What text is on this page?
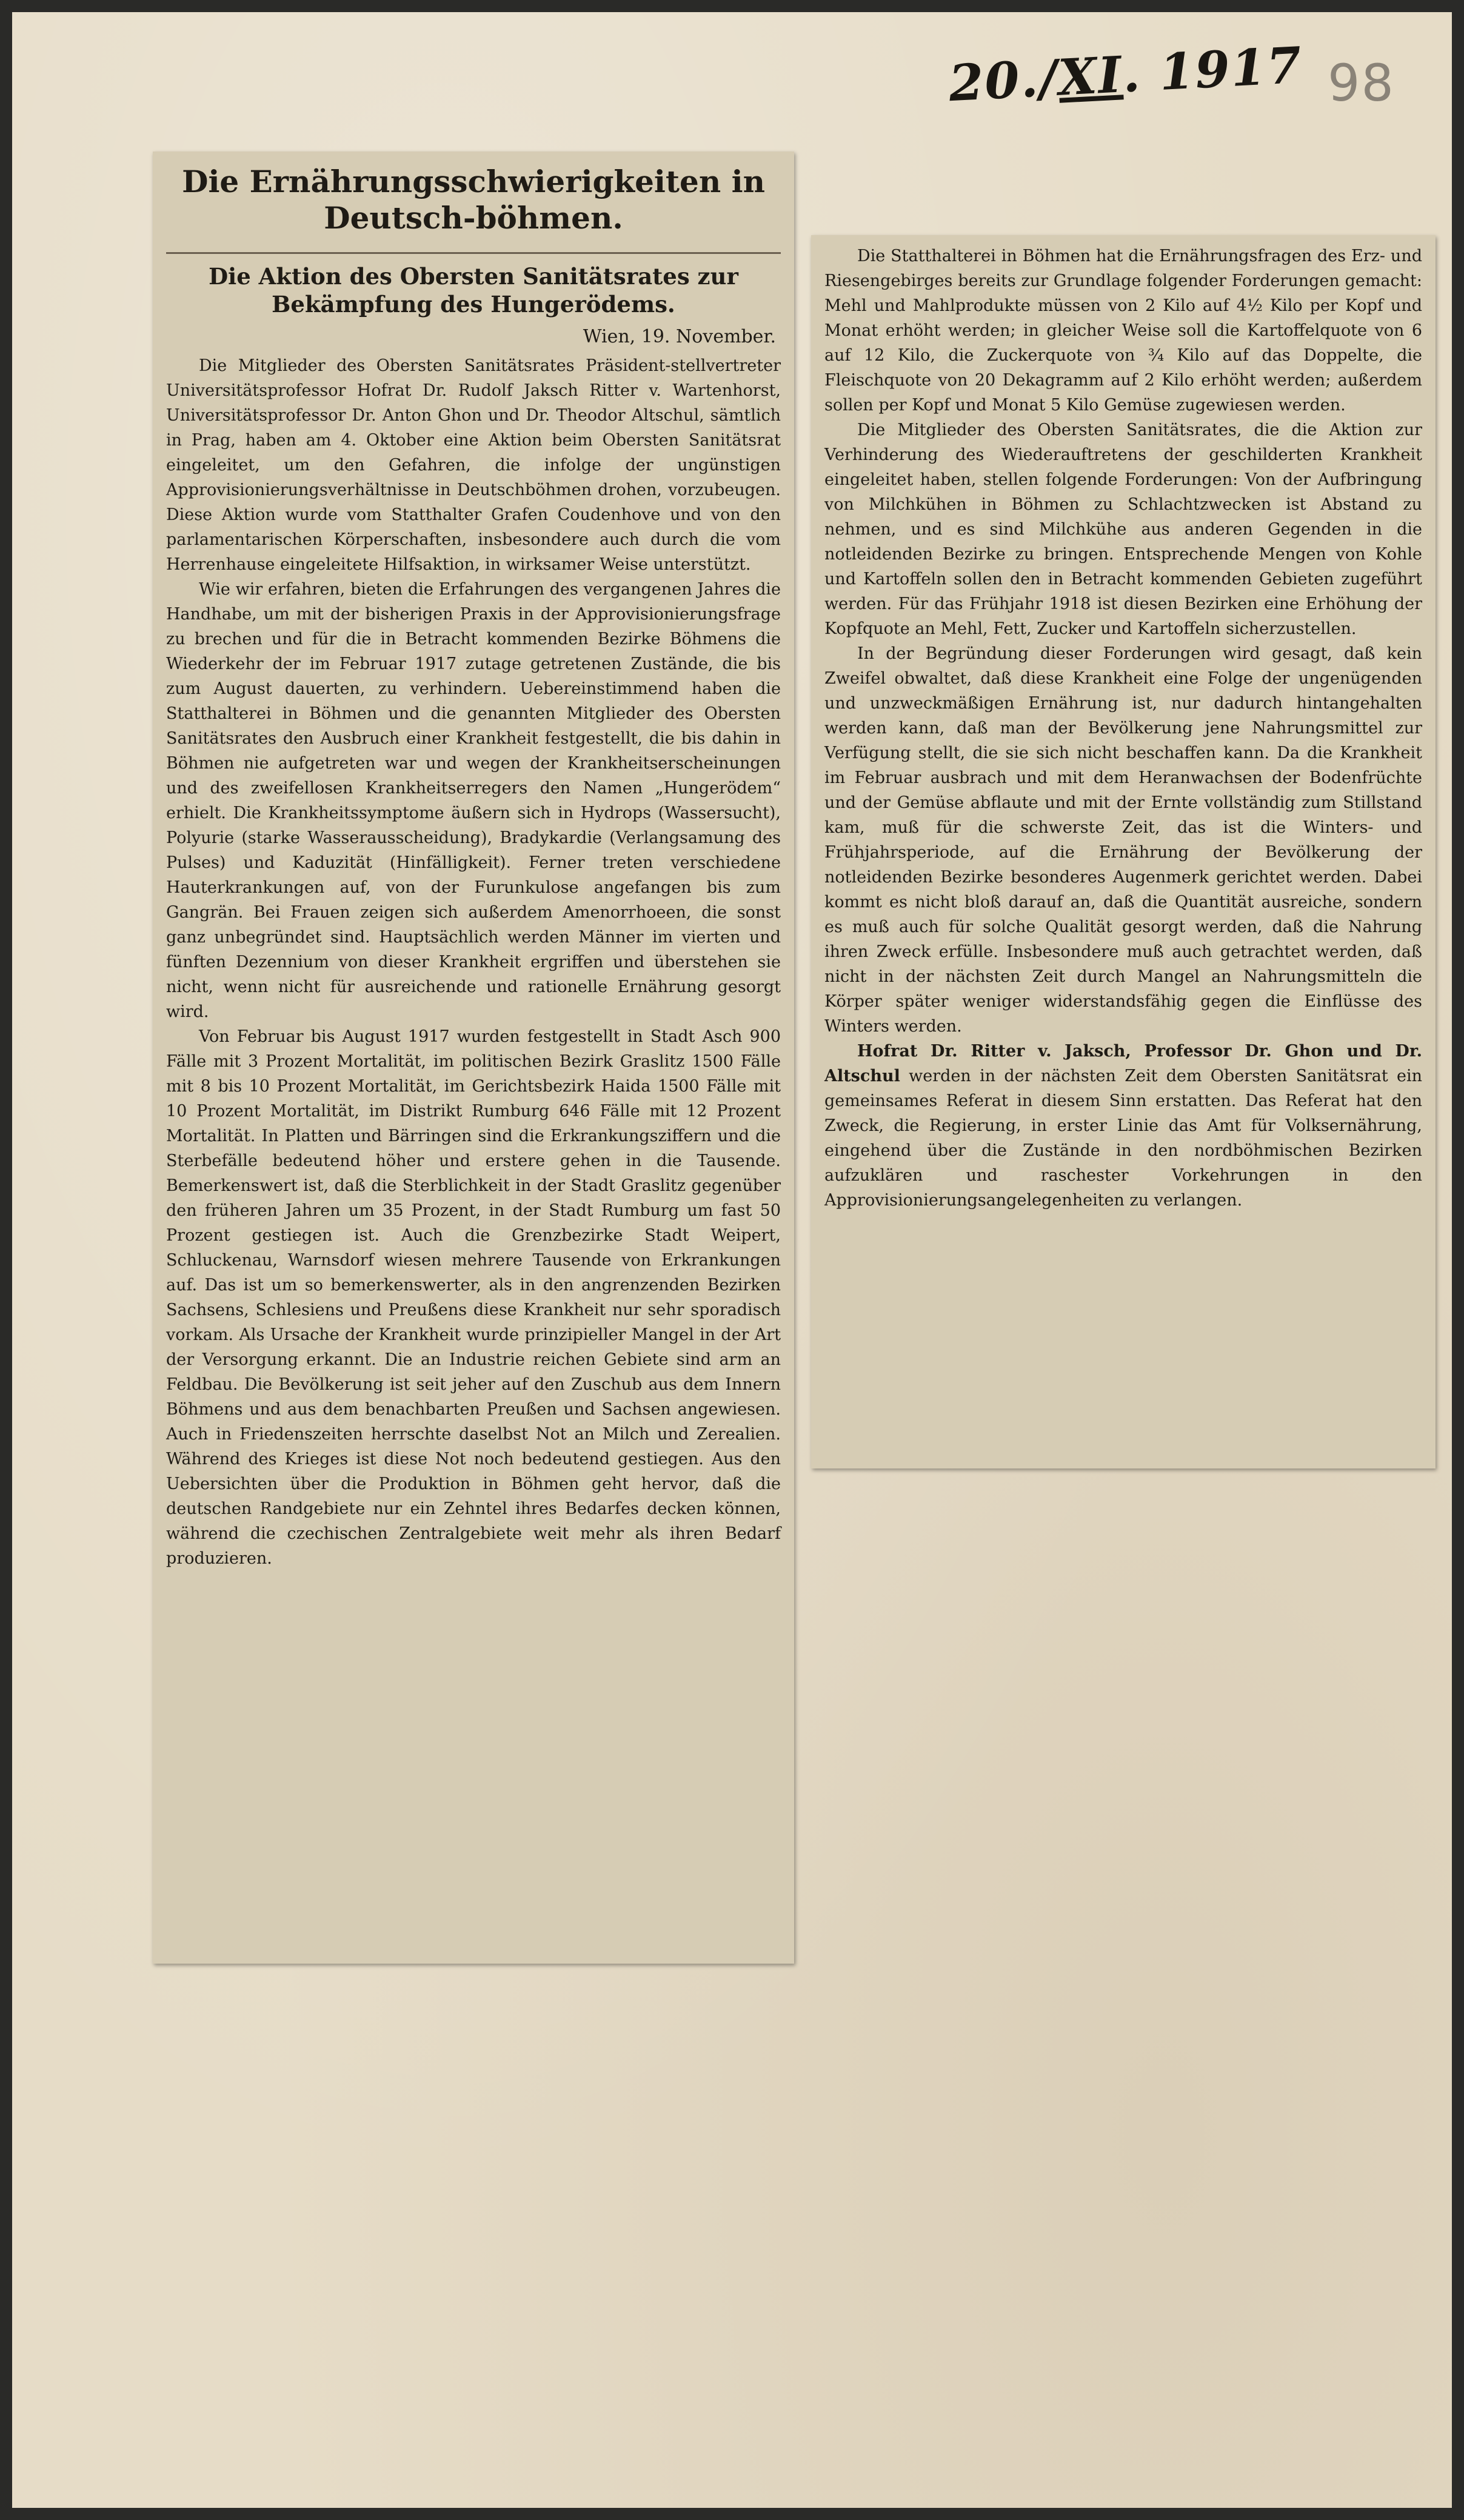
20./XI. 1917 98
Die Ernährungsschwierigkeiten in Deutsch-böhmen.
Die Aktion des Obersten Sanitätsrates zur Bekämpfung des Hungerödems.
Wien, 19. November.

Die Mitglieder des Obersten Sanitätsrates Präsident-stellvertreter Universitätsprofessor Hofrat Dr. Rudolf Jaksch Ritter v. Wartenhorst, Universitätsprofessor Dr. Anton Ghon und Dr. Theodor Altschul, sämtlich in Prag, haben am 4. Oktober eine Aktion beim Obersten Sanitätsrat eingeleitet, um den Gefahren, die infolge der ungünstigen Approvisionierungsverhältnisse in Deutschböhmen drohen, vorzubeugen. Diese Aktion wurde vom Statthalter Grafen Coudenhove und von den parlamentarischen Körperschaften, insbesondere auch durch die vom Herrenhause eingeleitete Hilfsaktion, in wirksamer Weise unterstützt.

Wie wir erfahren, bieten die Erfahrungen des vergangenen Jahres die Handhabe, um mit der bisherigen Praxis in der Approvisionierungsfrage zu brechen und für die in Betracht kommenden Bezirke Böhmens die Wiederkehr der im Februar 1917 zutage getretenen Zustände, die bis zum August dauerten, zu verhindern. Uebereinstimmend haben die Statthalterei in Böhmen und die genannten Mitglieder des Obersten Sanitätsrates den Ausbruch einer Krankheit festgestellt, die bis dahin in Böhmen nie aufgetreten war und wegen der Krankheitserscheinungen und des zweifellosen Krankheitserregers den Namen „Hungerödem“ erhielt. Die Krankheitssymptome äußern sich in Hydrops (Wassersucht), Polyurie (starke Wasserausscheidung), Bradykardie (Verlangsamung des Pulses) und Kaduzität (Hinfälligkeit). Ferner treten verschiedene Hauterkrankungen auf, von der Furunkulose angefangen bis zum Gangrän. Bei Frauen zeigen sich außerdem Amenorrhoeen, die sonst ganz unbegründet sind. Hauptsächlich werden Männer im vierten und fünften Dezennium von dieser Krankheit ergriffen und überstehen sie nicht, wenn nicht für ausreichende und rationelle Ernährung gesorgt wird.

Von Februar bis August 1917 wurden festgestellt in Stadt Asch 900 Fälle mit 3 Prozent Mortalität, im politischen Bezirk Graslitz 1500 Fälle mit 8 bis 10 Prozent Mortalität, im Gerichtsbezirk Haida 1500 Fälle mit 10 Prozent Mortalität, im Distrikt Rumburg 646 Fälle mit 12 Prozent Mortalität. In Platten und Bärringen sind die Erkrankungsziffern und die Sterbefälle bedeutend höher und erstere gehen in die Tausende. Bemerkenswert ist, daß die Sterblichkeit in der Stadt Graslitz gegenüber den früheren Jahren um 35 Prozent, in der Stadt Rumburg um fast 50 Prozent gestiegen ist. Auch die Grenzbezirke Stadt Weipert, Schluckenau, Warnsdorf wiesen mehrere Tausende von Erkrankungen auf. Das ist um so bemerkenswerter, als in den angrenzenden Bezirken Sachsens, Schlesiens und Preußens diese Krankheit nur sehr sporadisch vorkam. Als Ursache der Krankheit wurde prinzipieller Mangel in der Art der Versorgung erkannt. Die an Industrie reichen Gebiete sind arm an Feldbau. Die Bevölkerung ist seit jeher auf den Zuschub aus dem Innern Böhmens und aus dem benachbarten Preußen und Sachsen angewiesen. Auch in Friedenszeiten herrschte daselbst Not an Milch und Zerealien. Während des Krieges ist diese Not noch bedeutend gestiegen. Aus den Uebersichten über die Produktion in Böhmen geht hervor, daß die deutschen Randgebiete nur ein Zehntel ihres Bedarfes decken können, während die czechischen Zentralgebiete weit mehr als ihren Bedarf produzieren.

Die Statthalterei in Böhmen hat die Ernährungsfragen des Erz- und Riesengebirges bereits zur Grundlage folgender Forderungen gemacht: Mehl und Mahlprodukte müssen von 2 Kilo auf 4½ Kilo per Kopf und Monat erhöht werden; in gleicher Weise soll die Kartoffelquote von 6 auf 12 Kilo, die Zuckerquote von ¾ Kilo auf das Doppelte, die Fleischquote von 20 Dekagramm auf 2 Kilo erhöht werden; außerdem sollen per Kopf und Monat 5 Kilo Gemüse zugewiesen werden.

Die Mitglieder des Obersten Sanitätsrates, die die Aktion zur Verhinderung des Wiederauftretens der geschilderten Krankheit eingeleitet haben, stellen folgende Forderungen: Von der Aufbringung von Milchkühen in Böhmen zu Schlachtzwecken ist Abstand zu nehmen, und es sind Milchkühe aus anderen Gegenden in die notleidenden Bezirke zu bringen. Entsprechende Mengen von Kohle und Kartoffeln sollen den in Betracht kommenden Gebieten zugeführt werden. Für das Frühjahr 1918 ist diesen Bezirken eine Erhöhung der Kopfquote an Mehl, Fett, Zucker und Kartoffeln sicherzustellen.

In der Begründung dieser Forderungen wird gesagt, daß kein Zweifel obwaltet, daß diese Krankheit eine Folge der ungenügenden und unzweckmäßigen Ernährung ist, nur dadurch hintangehalten werden kann, daß man der Bevölkerung jene Nahrungsmittel zur Verfügung stellt, die sie sich nicht beschaffen kann. Da die Krankheit im Februar ausbrach und mit dem Heranwachsen der Bodenfrüchte und der Gemüse abflaute und mit der Ernte vollständig zum Stillstand kam, muß für die schwerste Zeit, das ist die Winters- und Frühjahrsperiode, auf die Ernährung der Bevölkerung der notleidenden Bezirke besonderes Augenmerk gerichtet werden. Dabei kommt es nicht bloß darauf an, daß die Quantität ausreiche, sondern es muß auch für solche Qualität gesorgt werden, daß die Nahrung ihren Zweck erfülle. Insbesondere muß auch getrachtet werden, daß nicht in der nächsten Zeit durch Mangel an Nahrungsmitteln die Körper später weniger widerstandsfähig gegen die Einflüsse des Winters werden.

Hofrat Dr. Ritter v. Jaksch, Professor Dr. Ghon und Dr. Altschul werden in der nächsten Zeit dem Obersten Sanitätsrat ein gemeinsames Referat in diesem Sinn erstatten. Das Referat hat den Zweck, die Regierung, in erster Linie das Amt für Volksernährung, eingehend über die Zustände in den nordböhmischen Bezirken aufzuklären und raschester Vorkehrungen in den Approvisionierungsangelegenheiten zu verlangen.
